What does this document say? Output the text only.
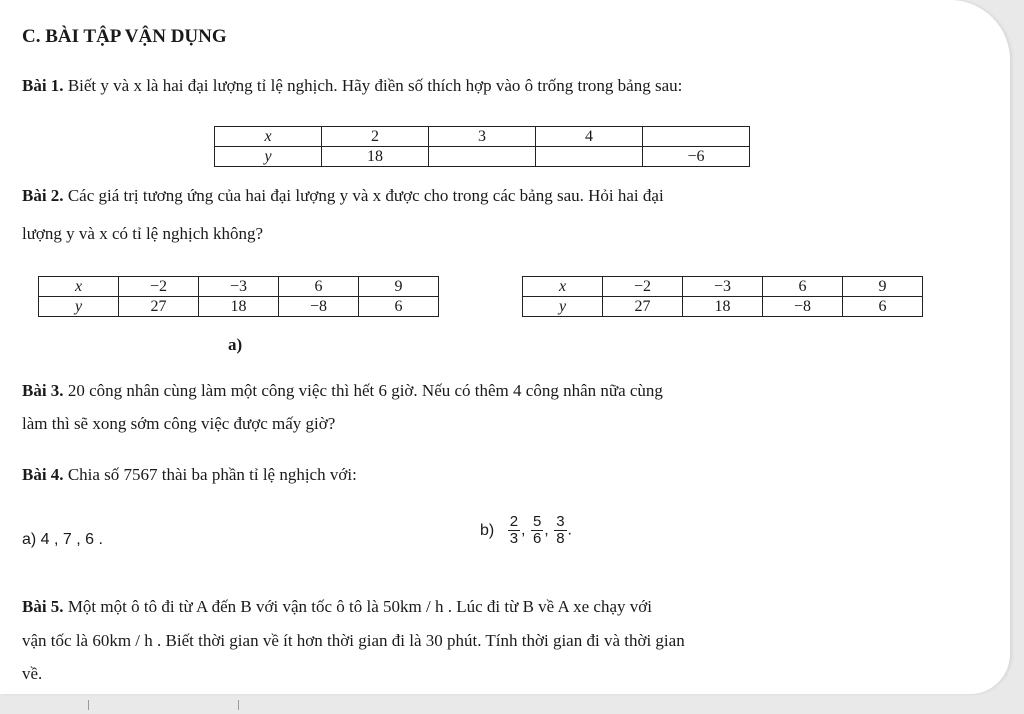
C. BÀI TẬP VẬN DỤNG
Bài 1. Biết y và x là hai đại lượng tỉ lệ nghịch. Hãy điền số thích hợp vào ô trống trong bảng sau:
x	2	3	4	
y	18			−6
Bài 2. Các giá trị tương ứng của hai đại lượng y và x được cho trong các bảng sau. Hỏi hai đại
lượng y và x có tỉ lệ nghịch không?
x	−2	−3	6	9
y	27	18	−8	6
x	−2	−3	6	9
y	27	18	−8	6
a)
Bài 3. 20 công nhân cùng làm một công việc thì hết 6 giờ. Nếu có thêm 4 công nhân nữa cùng
làm thì sẽ xong sớm công việc được mấy giờ?
Bài 4. Chia số 7567 thài ba phần tỉ lệ nghịch với:
a) 4 , 7 , 6 .
$b) \frac{2}{3}$ , $\frac{5}{6}$ , $\frac{3}{8}$ .
Bài 5. Một một ô tô đi từ A đến B với vận tốc ô tô là 50km / h . Lúc đi từ B về A xe chạy với
vận tốc là 60km / h . Biết thời gian về ít hơn thời gian đi là 30 phút. Tính thời gian đi và thời gian
về.
